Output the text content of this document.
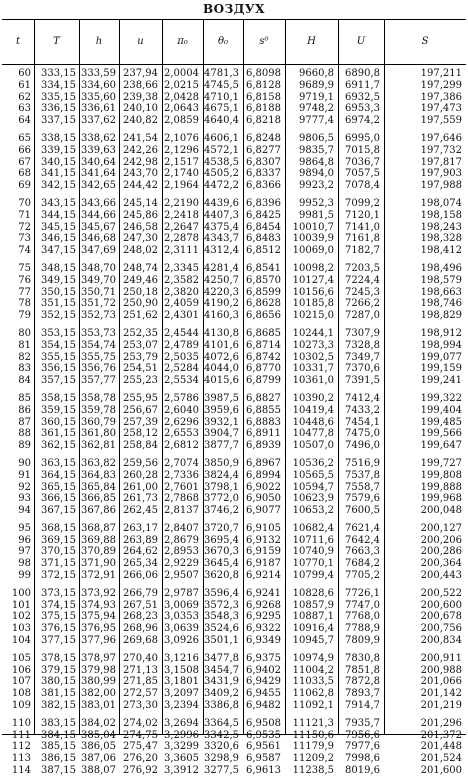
ВОЗДУХ
t	T	h	u	π₀	θ₀	s⁰	H	U	S
60	333,15 333,59 237,94 2,0004 4781,3 6,8098	9660,8	6890,8	197,211
61	334,15 334,60 238,66 2,0215 4745,5 6,8128	9689,9	6911,7	197,299
62	335,15 335,60 239,38 2,0428 4710,1 6,8158	9719,1	6932,5	197,386
63	336,15 336,61 240,10 2,0643 4675,1 6,8188	9748,2	6953,3	197,473
64	337,15 337,62 240,82 2,0859 4640,4 6,8218	9777,4	6974,2	197,559
65	338,15 338,62 241,54 2,1076 4606,1 6,8248	9806,5	6995,0	197,646
66	339,15 339,63 242,26 2,1296 4572,1 6,8277	9835,7	7015,8	197,732
67	340,15 340,64 242,98 2,1517 4538,5 6,8307	9864,8	7036,7	197,817
68	341,15 341,64 243,70 2,1740 4505,2 6,8337	9894,0	7057,5	197,903
69	342,15 342,65 244,42 2,1964 4472,2 6,8366	9923,2	7078,4	197,988
70	343,15 343,66 245,14 2,2190 4439,6 6,8396	9952,3	7099,2	198,074
71	344,15 344,66 245,86 2,2418 4407,3 6,8425	9981,5	7120,1	198,158
72	345,15 345,67 246,58 2,2647 4375,4 6,8454	10010,7	7141,0	198,243
73	346,15 346,68 247,30 2,2878 4343,7 6,8483	10039,9	7161,8	198,328
74	347,15 347,69 248,02 2,3111 4312,4 6,8512	10069,0	7182,7	198,412
75	348,15 348,70 248,74 2,3345 4281,4 6,8541	10098,2	7203,5	198,496
76	349,15 349,70 249,46 2,3582 4250,7 6,8570	10127,4	7224,4	198,579
77	350,15 350,71 250,18 2,3820 4220,3 6,8599	10156,6	7245,3	198,663
78	351,15 351,72 250,90 2,4059 4190,2 6,8628	10185,8	7266,2	198,746
79	352,15 352,73 251,62 2,4301 4160,3 6,8656	10215,0	7287,0	198,829
80	353,15 353,73 252,35 2,4544 4130,8 6,8685	10244,1	7307,9	198,912
81	354,15 354,74 253,07 2,4789 4101,6 6,8714	10273,3	7328,8	198,994
82	355,15 355,75 253,79 2,5035 4072,6 6,8742	10302,5	7349,7	199,077
83	356,15 356,76 254,51 2,5284 4044,0 6,8770	10331,7	7370,6	199,159
84	357,15 357,77 255,23 2,5534 4015,6 6,8799	10361,0	7391,5	199,241
85	358,15 358,78 255,95 2,5786 3987,5 6,8827	10390,2	7412,4	199,322
86	359,15 359,78 256,67 2,6040 3959,6 6,8855	10419,4	7433,2	199,404
87	360,15 360,79 257,39 2,6296 3932,1 6,8883	10448,6	7454,1	199,485
88	361,15 361,80 258,12 2,6553 3904,7 6,8911	10477,8	7475,0	199,566
89	362,15 362,81 258,84 2,6812 3877,7 6,8939	10507,0	7496,0	199,647
90	363,15 363,82 259,56 2,7074 3850,9 6,8967	10536,2	7516,9	199,727
91	364,15 364,83 260,28 2,7336 3824,4 6,8994	10565,5	7537,8	199,808
92	365,15 365,84 261,00 2,7601 3798,1 6,9022	10594,7	7558,7	199,888
93	366,15 366,85 261,73 2,7868 3772,0 6,9050	10623,9	7579,6	199,968
94	367,15 367,86 262,45 2,8137 3746,2 6,9077	10653,2	7600,5	200,048
95	368,15 368,87 263,17 2,8407 3720,7 6,9105	10682,4	7621,4	200,127
96	369,15 369,88 263,89 2,8679 3695,4 6,9132	10711,6	7642,4	200,206
97	370,15 370,89 264,62 2,8953 3670,3 6,9159	10740,9	7663,3	200,286
98	371,15 371,90 265,34 2,9229 3645,4 6,9187	10770,1	7684,2	200,364
99	372,15 372,91 266,06 2,9507 3620,8 6,9214	10799,4	7705,2	200,443
100	373,15 373,92 266,79 2,9787 3596,4 6,9241	10828,6	7726,1	200,522
101	374,15 374,93 267,51 3,0069 3572,3 6,9268	10857,9	7747,0	200,600
102	375,15 375,94 268,23 3,0353 3548,3 6,9295	10887,1	7768,0	200,678
103	376,15 376,95 268,96 3,0639 3524,6 6,9322	10916,4	7788,9	200,756
104	377,15 377,96 269,68 3,0926 3501,1 6,9349	10945,7	7809,9	200,834
105	378,15 378,97 270,40 3,1216 3477,8 6,9375	10974,9	7830,8	200,911
106	379,15 379,98 271,13 3,1508 3454,7 6,9402	11004,2	7851,8	200,988
107	380,15 380,99 271,85 3,1801 3431,9 6,9429	11033,5	7872,8	201,066
108	381,15 382,00 272,57 3,2097 3409,2 6,9455	11062,8	7893,7	201,142
109	382,15 383,01 273,30 3,2394 3386,8 6,9482	11092,1	7914,7	201,219
110	383,15 384,02 274,02 3,2694 3364,5 6,9508	11121,3	7935,7	201,296
111	384,15 385,04 274,75 3,2996 3342,5 6,9535	11150,6	7956,6	201,372
112	385,15 386,05 275,47 3,3299 3320,6 6,9561	11179,9	7977,6	201,448
113	386,15 387,06 276,20 3,3605 3298,9 6,9587	11209,2	7998,6	201,524
114	387,15 388,07 276,92 3,3912 3277,5 6,9613	11238,5	8019,6	201,600
